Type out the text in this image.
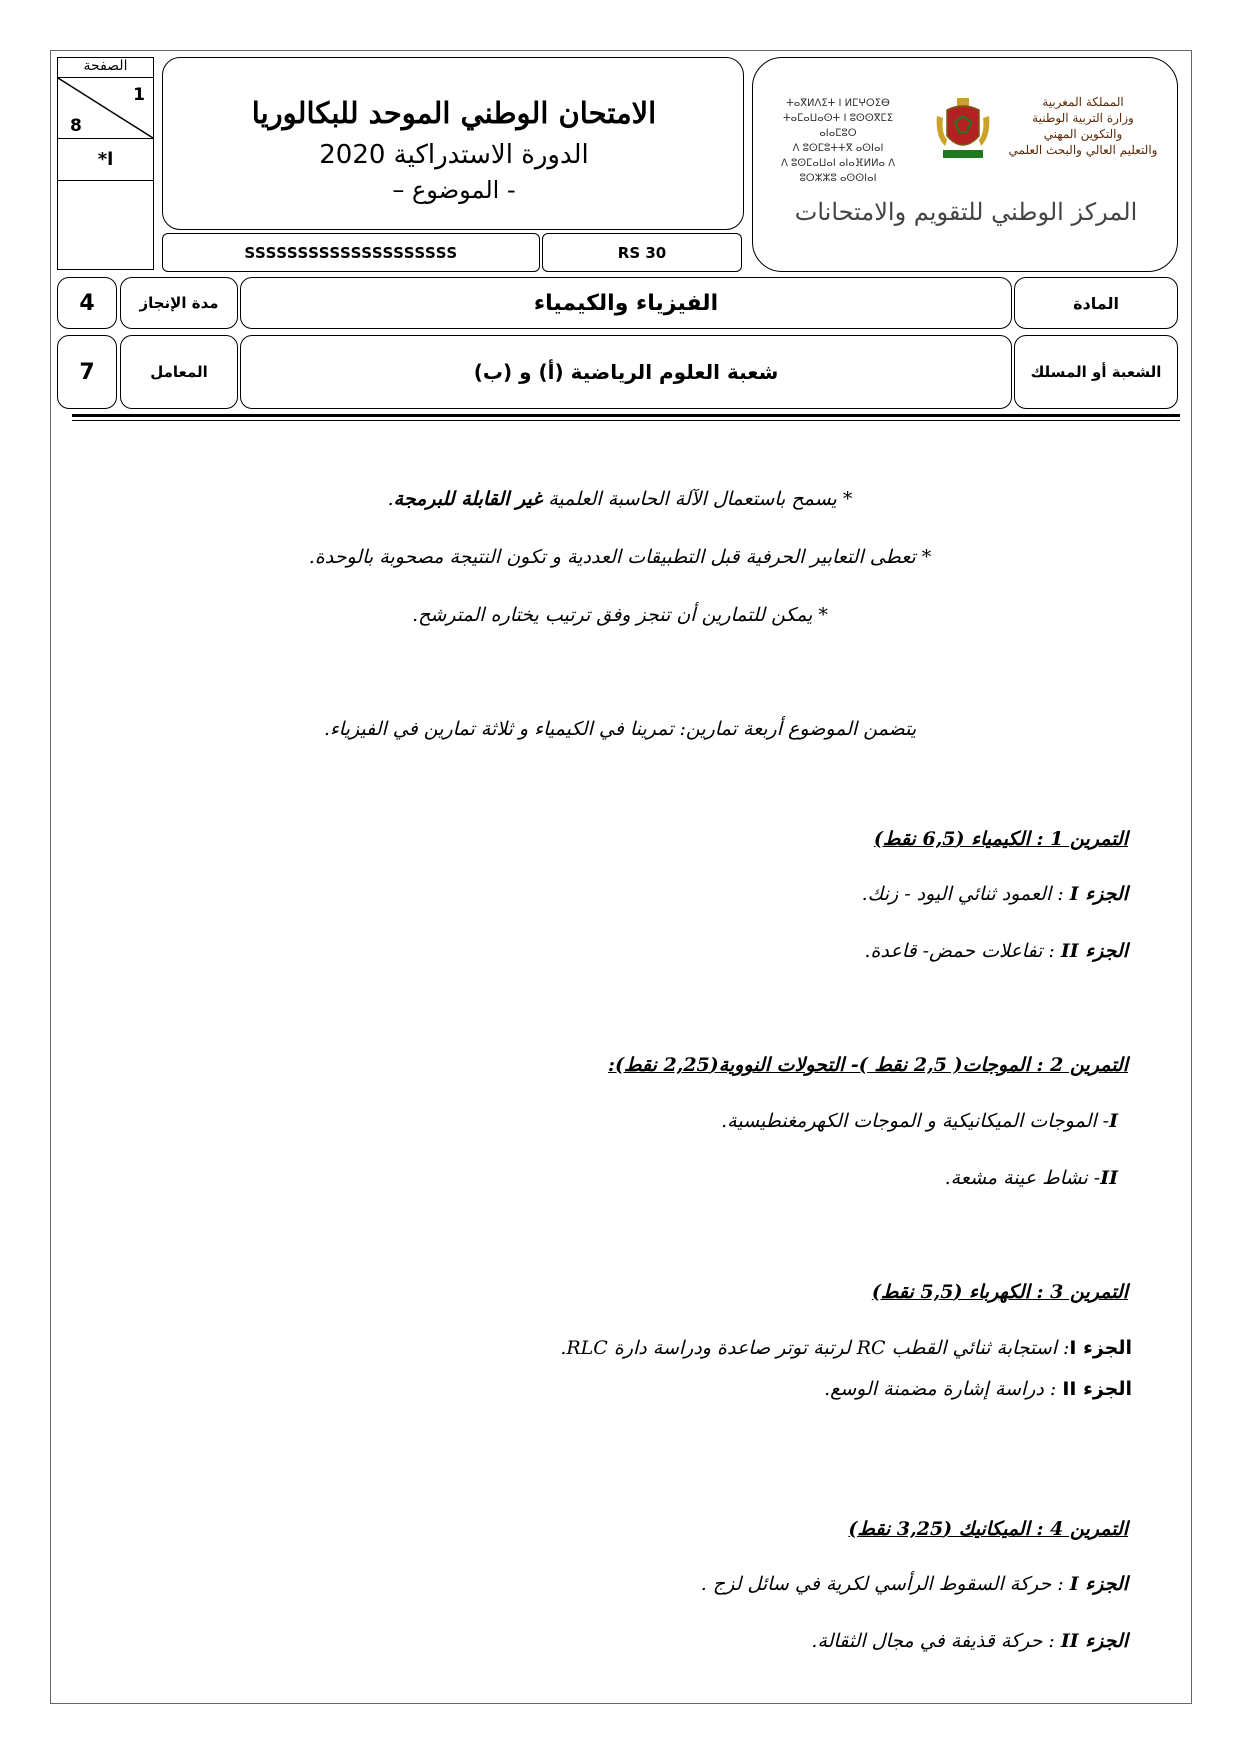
الصفحة
1
8
*ا
الامتحان الوطني الموحد للبكالوريا
الدورة الاستدراكية 2020
- الموضوع –
SSSSSSSSSSSSSSSSSSSS	RS 30
ⵜⴰⴳⵍⴷⵉⵜ ⵏ ⵍⵎⵖⵔⵉⴱ
ⵜⴰⵎⴰⵡⴰⵙⵜ ⵏ ⵓⵙⵙⴳⵎⵉ ⴰⵏⴰⵎⵓⵔ
ⴷ ⵓⵙⵎⵓⵜⵜⴳ ⴰⵙⵏⴰⵏ
ⴷ ⵓⵙⵎⴰⵡⴰⵏ ⴰⵏⴰⴼⵍⵍⴰ ⴷ ⵓⵔⵣⵣⵓ ⴰⵙⵙⵏⴰⵏ
المملكة المغربية
وزارة التربية الوطنية
والتكوين المهني
والتعليم العالي والبحث العلمي
المركز الوطني للتقويم والامتحانات
4	مدة الإنجاز	الفيزياء والكيمياء	المادة
7	المعامل	شعبة العلوم الرياضية (أ) و (ب)	الشعبة أو المسلك
* يسمح باستعمال الآلة الحاسبة العلمية غير القابلة للبرمجة.
* تعطى التعابير الحرفية قبل التطبيقات العددية و تكون النتيجة مصحوبة بالوحدة.
* يمكن للتمارين أن تنجز وفق ترتيب يختاره المترشح.
يتضمن الموضوع أربعة تمارين: تمرينا في الكيمياء و ثلاثة تمارين في الفيزياء.
التمرين 1 : الكيمياء (6,5 نقط)
الجزء I : العمود ثنائي اليود - زنك.
الجزء II : تفاعلات حمض- قاعدة.
التمرين 2 : الموجات( 2,5 نقط )- التحولات النووية(2,25 نقط):
I- الموجات الميكانيكية و الموجات الكهرمغنطيسية.
II- نشاط عينة مشعة.
التمرين 3 : الكهرباء (5,5 نقط)
الجزء I: استجابة ثنائي القطب RC لرتبة توتر صاعدة ودراسة دارة RLC.
الجزء II : دراسة إشارة مضمنة الوسع.
التمرين 4 : الميكانيك (3,25 نقط)
الجزء I : حركة السقوط الرأسي لكرية في سائل لزج .
الجزء II : حركة قذيفة في مجال الثقالة.
